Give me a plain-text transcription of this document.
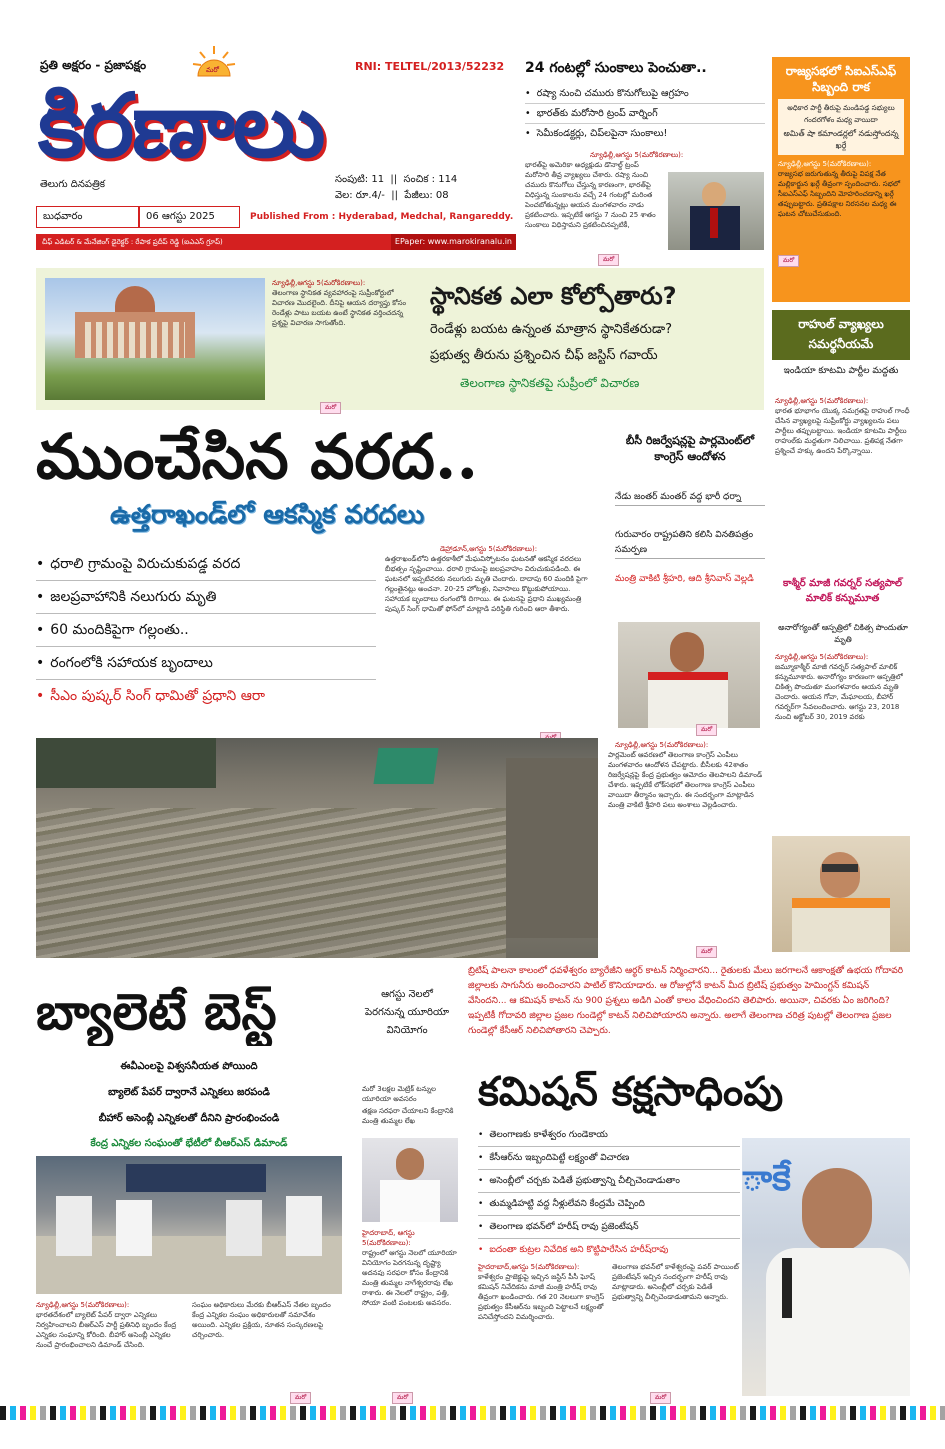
ప్రతి అక్షరం - ప్రజాపక్షం	మరో
కిరణాలు
RNI: TELTEL/2013/52232
తెలుగు దినపత్రిక	సంపుటి: 11  ||  సంచిక : 114
వెల: రూ.4/-  ||  పేజీలు: 08
బుధవారం	06 ఆగస్టు 2025	Published From : Hyderabad, Medchal, Rangareddy.
చీఫ్ ఎడిటర్ & మేనేజింగ్ డైరెక్టర్ : రేపాక ప్రదీప్ రెడ్డి (ఐఎఎస్ గ్రూప్)	EPaper: www.marokiranalu.in
24 గంటల్లో సుంకాలు పెంచుతా..
• రష్యా నుంచి చమురు కొనుగోలుపై ఆగ్రహం
• భారత్‌కు మరోసారి ట్రంప్ వార్నింగ్
• సెమీకండక్టర్లు, చిప్‌లపైనా సుంకాలు!
న్యూఢిల్లీ,ఆగస్టు 5(మరోకిరణాలు):
భారత్‌పై అమెరికా అధ్యక్షుడు డొనాల్డ్ ట్రంప్ మరోసారి తీవ్ర వ్యాఖ్యలు చేశారు. రష్యా నుంచి చమురు కొనుగోలు చేస్తున్న కారణంగా, భారత్‌పై విధిస్తున్న సుంకాలను వచ్చే 24 గంటల్లో మరింత పెంచబోతున్నట్లు ఆయన మంగళవారం నాడు ప్రకటించారు. ఇప్పటికే ఆగస్టు 7 నుంచి 25 శాతం సుంకాలు విధిస్తామని ప్రకటించినప్పటికీ,
మరో
రాజ్యసభలో సిఐఎస్ఎఫ్ సిబ్బంది రాక
అధికార పార్టీ తీరుపై మండిపడ్డ సభ్యులు గందరగోళం మధ్య వాయిదా
అమిత్ షా కమాండర్లలో నడుస్తోందన్న ఖర్గే
న్యూఢిల్లీ,ఆగస్టు 5(మరోకిరణాలు):
రాజ్యసభ జరుగుతున్న తీరుపై విపక్ష నేత మల్లికార్జున ఖర్గే తీవ్రంగా స్పందించారు. సభలో సీఐఎస్ఎఫ్ సిబ్బందిని మోహరించడాన్ని ఖర్గే తప్పుబట్టారు. ప్రతిపక్షాల నిరసనల మధ్య ఈ ఘటన చోటుచేసుకుంది.
మరో
న్యూఢిల్లీ,ఆగస్టు 5(మరోకిరణాలు):
తెలంగాణ స్థానికత వ్యవహారంపై సుప్రీంకోర్టులో విచారణ మొదలైంది. దీనిపై ఆయన దర్యాప్తు కోసం రెండేళ్లు పాటు బయట ఉంటే స్థానికత వర్తించదన్న ప్రశ్నపై విచారణ సాగుతోంది.
మరో
స్థానికత ఎలా కోల్పోతారు?
రెండేళ్లు బయట ఉన్నంత మాత్రాన స్థానికేతరుడా?
ప్రభుత్వ తీరును ప్రశ్నించిన చీఫ్ జస్టిస్ గవాయ్
తెలంగాణ స్థానికతపై సుప్రీంలో విచారణ
రాహుల్ వ్యాఖ్యలు సమర్థనీయమే
ఇండియా కూటమి పార్టీల మద్దతు
న్యూఢిల్లీ,ఆగస్టు 5(మరోకిరణాలు):
భారత భూభాగం యొక్క సమగ్రతపై రాహుల్ గాంధీ చేసిన వ్యాఖ్యలపై సుప్రీంకోర్టు వ్యాఖ్యలను పలు పార్టీలు తప్పుబట్టాయి. ఇండియా కూటమి పార్టీలు రాహుల్‌కు మద్దతుగా నిలిచాయి. ప్రతిపక్ష నేతగా ప్రశ్నించే హక్కు ఉందని పేర్కొన్నాయి.
ముంచేసిన వరద..
ఉత్తరాఖండ్‌లో ఆకస్మిక వరదలు
• ధరాలి గ్రామంపై విరుచుకుపడ్డ వరద
• జలప్రవాహానికి నలుగురు మృతి
• 60 మందికిపైగా గల్లంతు..
• రంగంలోకి సహాయక బృందాలు
• సీఎం పుష్కర్ సింగ్ ధామితో ప్రధాని ఆరా
డెహ్రాడూన్,ఆగస్టు 5(మరోకిరణాలు):
ఉత్తరాఖండ్‌లోని ఉత్తరకాశీలో మేఘవిస్ఫోటనం ఘటనతో ఆకస్మిక వరదలు బీభత్సం సృష్టించాయి. ధరాలి గ్రామంపై జలప్రవాహం విరుచుకుపడింది. ఈ ఘటనలో ఇప్పటివరకు నలుగురు మృతి చెందారు. దాదాపు 60 మందికి పైగా గల్లంతైనట్లు అంచనా. 20-25 హోటళ్లు, నివాసాలు కొట్టుకుపోయాయి. సహాయక బృందాలు రంగంలోకి దిగాయి. ఈ ఘటనపై ప్రధాని ముఖ్యమంత్రి పుష్కర్ సింగ్ ధామితో ఫోన్‌లో మాట్లాడి పరిస్థితి గురించి ఆరా తీశారు.
బీసీ రిజర్వేషన్లపై పార్లమెంట్‌లో కాంగ్రెస్ ఆందోళన
నేడు జంతర్ మంతర్ వద్ద భారీ ధర్నా
గురువారం రాష్ట్రపతిని కలిసి వినతిపత్రం సమర్పణ
మంత్రి వాకిటి శ్రీహరి, ఆది శ్రీనివాస్ వెల్లడి
మరో
న్యూఢిల్లీ,ఆగస్టు 5(మరోకిరణాలు):
పార్లమెంట్ ఆవరణలో తెలంగాణ కాంగ్రెస్ ఎంపీలు మంగళవారం ఆందోళన చేపట్టారు. బీసీలకు 42శాతం రిజర్వేషన్లపై కేంద్ర ప్రభుత్వం ఆమోదం తెలపాలని డిమాండ్ చేశారు. ఇప్పటికే లోక్‌సభలో తెలంగాణ కాంగ్రెస్ ఎంపీలు వాయిదా తీర్మానం ఇచ్చారు. ఈ సందర్భంగా మాట్లాడిన మంత్రి వాకిటి శ్రీహరి పలు అంశాలు వెల్లడించారు.
మరో
కాశ్మీర్ మాజీ గవర్నర్ సత్యపాల్ మాలిక్ కన్నుమూత
అనారోగ్యంతో ఆస్పత్రిలో చికిత్స పొందుతూ మృతి
న్యూఢిల్లీ,ఆగస్టు 5(మరోకిరణాలు):
జమ్మూకాశ్మీర్ మాజీ గవర్నర్ సత్యపాల్ మాలిక్ కన్నుమూశారు. అనారోగ్యం కారణంగా ఆస్పత్రిలో చికిత్స పొందుతూ మంగళవారం ఆయన మృతి చెందారు. ఆయన గోవా, మేఘాలయ, బీహార్ గవర్నర్‌గా సేవలందించారు. ఆగస్టు 23, 2018 నుంచి అక్టోబర్ 30, 2019 వరకు
బ్రిటిష్ పాలనా కాలంలో ధవళేశ్వరం బ్యారేజీని ఆర్థర్ కాటన్ నిర్మించారని... రైతులకు మేలు జరగాలనే ఆకాంక్షతో ఉభయ గోదావరి జిల్లాలకు సాగునీరు అందించారని పాటిల్ కొనియాడారు. ఆ రోజుల్లోనే కాటన్ మీద బ్రిటిష్ ప్రభుత్వం హెమింగ్టన్ కమిషన్ వేసిందని... ఆ కమిషన్ కాటన్ ను 900 ప్రశ్నలు అడిగి ఎంతో కాలం వేధించిందని తెలిపారు. అయినా, చివరకు ఏం జరిగింది? ఇప్పటికీ గోదావరి జిల్లాల ప్రజల గుండెల్లో కాటన్ నిలిచిపోయారని అన్నారు. అలాగే తెలంగాణ చరిత్ర పుటల్లో తెలంగాణ ప్రజల గుండెల్లో కేసీఆర్ నిలిచిపోతారని చెప్పారు.
బ్యాలెటే బెస్ట్
ఈవీఎంలపై విశ్వసనీయత పోయింది
బ్యాలెట్ పేపర్ ద్వారానే ఎన్నికలు జరపండి
బీహార్ అసెంబ్లీ ఎన్నికలతో దీనిని ప్రారంభించండి
కేంద్ర ఎన్నికల సంఘంతో భేటీలో బీఆర్ఎస్ డిమాండ్
న్యూఢిల్లీ,ఆగస్టు 5(మరోకిరణాలు):
భారతదేశంలో బ్యాలెట్ పేపర్ ద్వారా ఎన్నికలు నిర్వహించాలని బీఆర్ఎస్ పార్టీ ప్రతినిధి బృందం కేంద్ర ఎన్నికల సంఘాన్ని కోరింది. బీహార్ అసెంబ్లీ ఎన్నికల నుంచే ప్రారంభించాలని డిమాండ్ చేసింది.
సంఘం అధికారులు మేరకు బీఆర్ఎస్ నేతల బృందం కేంద్ర ఎన్నికల సంఘం అధికారులతో సమావేశం అయింది. ఎన్నికల ప్రక్రియ, నూతన సంస్కరణలపై చర్చించారు.
మరో
ఆగస్టు నెలలో పెరగనున్న యూరియా వినియోగం
మరో 3లక్షల మెట్రిక్ టన్నుల యూరియా అవసరం
తక్షణ సరఫరా చేయాలని కేంద్రానికి మంత్రి తుమ్మల లేఖ
హైదరాబాద్, ఆగస్టు 5(మరోకిరణాలు):
రాష్ట్రంలో ఆగస్టు నెలలో యూరియా వినియోగం పెరగనున్న దృష్ట్యా అదనపు సరఫరా కోసం కేంద్రానికి మంత్రి తుమ్మల నాగేశ్వరరావు లేఖ రాశారు. ఈ నెలలో రాష్ట్రం, పత్తి, సోయా వంటి పంటలకు అవసరం.
మరో
కమిషన్ కక్షసాధింపు
• తెలంగాణకు కాళేశ్వరం గుండెకాయ
• కేసీఆర్‌ను ఇబ్బందిపెట్టే లక్ష్యంతో విచారణ
• అసెంబ్లీలో చర్చకు పెడితే ప్రభుత్వాన్ని చీల్చిచెండాడుతాం
• తుమ్మడిహట్టి వద్ద నీళ్లులేవని కేంద్రమే చెప్పింది
• తెలంగాణ భవన్‌లో హరీష్ రావు ప్రజెంటేషన్
• ఐదంతా కుట్రల నివేదిక అని కొట్టిపారేసిన హరీష్‌రావు
హైదరాబాద్,ఆగస్టు 5(మరోకిరణాలు):
కాళేశ్వరం ప్రాజెక్టుపై ఇచ్చిన జస్టిస్ పీసీ ఘోష్ కమిషన్ నివేదికను మాజీ మంత్రి హరీష్ రావు తీవ్రంగా ఖండించారు. గత 20 నెలలుగా కాంగ్రెస్ ప్రభుత్వం కేసీఆర్‌ను ఇబ్బంది పెట్టాలనే లక్ష్యంతో పనిచేస్తోందని విమర్శించారు.
తెలంగాణ భవన్‌లో కాళేశ్వరంపై పవర్ పాయింట్ ప్రజెంటేషన్ ఇచ్చిన సందర్భంగా హరీష్ రావు మాట్లాడారు. అసెంబ్లీలో చర్చకు పెడితే ప్రభుత్వాన్ని చీల్చిచెండాడుతామని అన్నారు.
మరో
ాకే
